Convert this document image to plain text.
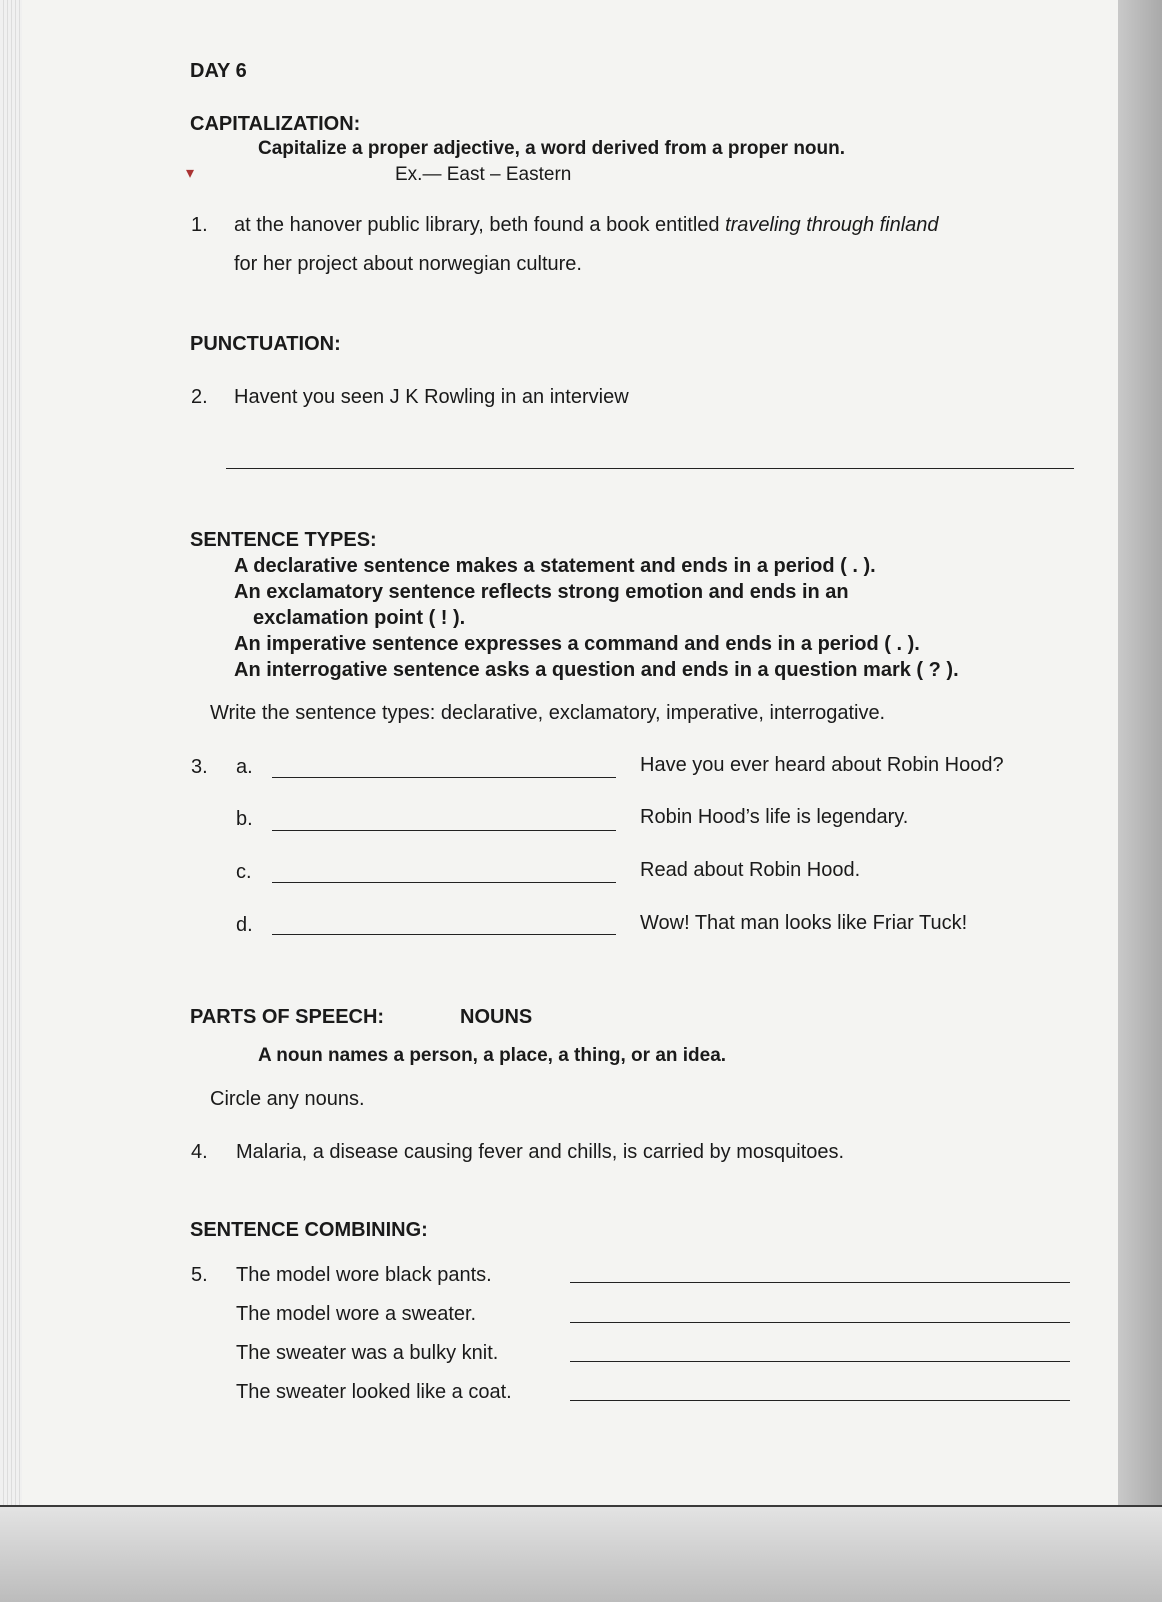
DAY 6
CAPITALIZATION:
Capitalize a proper adjective, a word derived from a proper noun.
▾	Ex.— East – Eastern
1. at the hanover public library, beth found a book entitled traveling through finland
for her project about norwegian culture.
PUNCTUATION:
2. Havent you seen J K Rowling in an interview
SENTENCE TYPES:
A declarative sentence makes a statement and ends in a period ( . ).
An exclamatory sentence reflects strong emotion and ends in an
exclamation point ( ! ).
An imperative sentence expresses a command and ends in a period ( . ).
An interrogative sentence asks a question and ends in a question mark ( ? ).
Write the sentence types: declarative, exclamatory, imperative, interrogative.
3. a.	Have you ever heard about Robin Hood?
b.	Robin Hood’s life is legendary.
c.	Read about Robin Hood.
d.	Wow! That man looks like Friar Tuck!
PARTS OF SPEECH:	NOUNS
A noun names a person, a place, a thing, or an idea.
Circle any nouns.
4. Malaria, a disease causing fever and chills, is carried by mosquitoes.
SENTENCE COMBINING:
5. The model wore black pants.
The model wore a sweater.
The sweater was a bulky knit.
The sweater looked like a coat.
